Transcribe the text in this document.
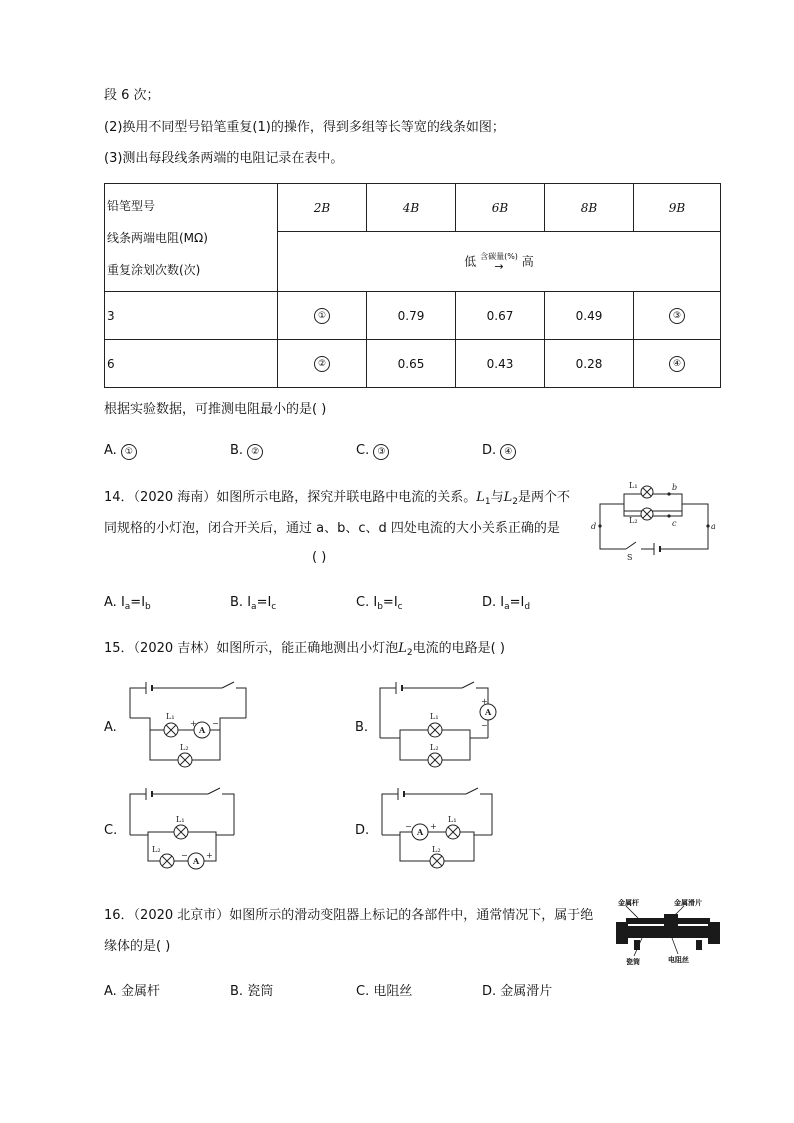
段 6 次；
(2)换用不同型号铅笔重复(1)的操作，得到多组等长等宽的线条如图；
(3)测出每段线条两端的电阻记录在表中。
铅笔型号
线条两端电阻(MΩ)
重复涂划次数(次)	2B	4B	6B	8B	9B
	低 含碳量(%)
→ 高				
3	①	0.79	0.67	0.49	③
6	②	0.65	0.43	0.28	④
根据实验数据，可推测电阻最小的是( )
A. ①	B. ②	C. ③	D. ④
14．（2020 海南）如图所示电路，探究并联电路中电流的关系。$L_1$与$L_2$是两个不
同规格的小灯泡，闭合开关后，通过 a、b、c、d 四处电流的大小关系正确的是
( )
L₁
L₂
b
c
d	a
S
A. $I_a=I_b$	B. $I_a=I_c$	C. $I_b=I_c$	D. $I_a=I_d$
15．（2020 吉林）如图所示，能正确地测出小灯泡$L_2$电流的电路是( )
A.	B.
C.	D.
L₁
L₂
A
+ −
L₁
L₂
A
+
−
L₁
L₂
A
− +
L₁
L₂
A
− +
16．（2020 北京市）如图所示的滑动变阻器上标记的各部件中，通常情况下，属于绝
缘体的是( )
金属杆	金属滑片
瓷筒	电阻丝
A. 金属杆	B. 瓷筒	C. 电阻丝	D. 金属滑片
